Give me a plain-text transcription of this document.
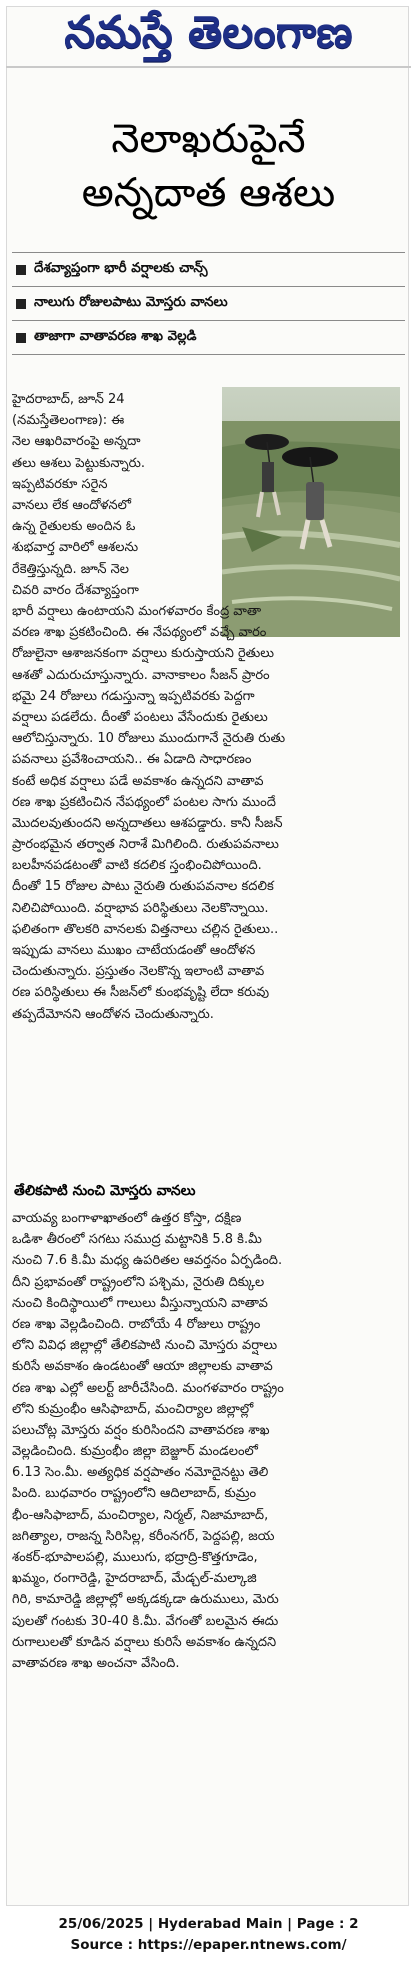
నమస్తే తెలంగాణ
నెలాఖరుపైనే
అన్నదాత ఆశలు
దేశవ్యాప్తంగా భారీ వర్షాలకు చాన్స్
నాలుగు రోజులపాటు మోస్తరు వానలు
తాజాగా వాతావరణ శాఖ వెల్లడి
హైదరాబాద్, జూన్ 24
(నమస్తేతెలంగాణ): ఈ
నెల ఆఖరివారంపై అన్నదా
తలు ఆశలు పెట్టుకున్నారు.
ఇప్పటివరకూ సరైన
వానలు లేక ఆందోళనలో
ఉన్న రైతులకు అందిన ఓ
శుభవార్త వారిలో ఆశలను
రేకెత్తిస్తున్నది. జూన్ నెల
చివరి వారం దేశవ్యాప్తంగా
భారీ వర్షాలు ఉంటాయని మంగళవారం కేంద్ర వాతా
వరణ శాఖ ప్రకటించింది. ఈ నేపథ్యంలో వచ్చే వారం
రోజులైనా ఆశాజనకంగా వర్షాలు కురుస్తాయని రైతులు
ఆశతో ఎదురుచూస్తున్నారు. వానాకాలం సీజన్ ప్రారం
భమై 24 రోజులు గడుస్తున్నా ఇప్పటివరకు పెద్దగా
వర్షాలు పడలేదు. దీంతో పంటలు వేసేందుకు రైతులు
ఆలోచిస్తున్నారు. 10 రోజులు ముందుగానే నైరుతి రుతు
పవనాలు ప్రవేశించాయని.. ఈ ఏడాది సాధారణం
కంటే అధిక వర్షాలు పడే అవకాశం ఉన్నదని వాతావ
రణ శాఖ ప్రకటించిన నేపథ్యంలో పంటల సాగు ముందే
మొదలవుతుందని అన్నదాతలు ఆశపడ్డారు. కానీ సీజన్
ప్రారంభమైన తర్వాత నిరాశే మిగిలింది. రుతుపవనాలు
బలహీనపడటంతో వాటి కదలిక స్తంభించిపోయింది.
దీంతో 15 రోజుల పాటు నైరుతి రుతుపవనాల కదలిక
నిలిచిపోయింది. వర్షాభావ పరిస్థితులు నెలకొన్నాయి.
ఫలితంగా తొలకరి వానలకు విత్తనాలు చల్లిన రైతులు..
ఇప్పుడు వానలు ముఖం చాటేయడంతో ఆందోళన
చెందుతున్నారు. ప్రస్తుతం నెలకొన్న ఇలాంటి వాతావ
రణ పరిస్థితులు ఈ సీజన్‌లో కుంభవృష్టి లేదా కరువు
తప్పదేమోనని ఆందోళన చెందుతున్నారు.
తేలికపాటి నుంచి మోస్తరు వానలు
వాయవ్య బంగాళాఖాతంలో ఉత్తర కోస్తా, దక్షిణ
ఒడిశా తీరంలో సగటు సముద్ర మట్టానికి 5.8 కి.మీ
నుంచి 7.6 కి.మీ మధ్య ఉపరితల ఆవర్తనం ఏర్పడింది.
దీని ప్రభావంతో రాష్ట్రంలోని పశ్చిమ, నైరుతి దిక్కుల
నుంచి కిందిస్థాయిలో గాలులు వీస్తున్నాయని వాతావ
రణ శాఖ వెల్లడించింది. రాబోయే 4 రోజులు రాష్ట్రం
లోని వివిధ జిల్లాల్లో తేలికపాటి నుంచి మోస్తరు వర్షాలు
కురిసే అవకాశం ఉండటంతో ఆయా జిల్లాలకు వాతావ
రణ శాఖ ఎల్లో అలర్ట్ జారీచేసింది. మంగళవారం రాష్ట్రం
లోని కుమ్రంభీం ఆసిఫాబాద్, మంచిర్యాల జిల్లాల్లో
పలుచోట్ల మోస్తరు వర్షం కురిసిందని వాతావరణ శాఖ
వెల్లడించింది. కుమ్రంభీం జిల్లా బెజ్జూర్ మండలంలో
6.13 సెం.మీ. అత్యధిక వర్షపాతం నమోదైనట్టు తెలి
పింది. బుధవారం రాష్ట్రంలోని ఆదిలాబాద్, కుమ్రం
భీం-ఆసిఫాబాద్, మంచిర్యాల, నిర్మల్, నిజామాబాద్,
జగిత్యాల, రాజన్న సిరిసిల్ల, కరీంనగర్, పెద్దపల్లి, జయ
శంకర్-భూపాలపల్లి, ములుగు, భద్రాద్రి-కొత్తగూడెం,
ఖమ్మం, రంగారెడ్డి, హైదరాబాద్, మేడ్చల్-మల్కాజి
గిరి, కామారెడ్డి జిల్లాల్లో అక్కడక్కడా ఉరుములు, మెరు
పులతో గంటకు 30-40 కి.మీ. వేగంతో బలమైన ఈదు
రుగాలులతో కూడిన వర్షాలు కురిసే అవకాశం ఉన్నదని
వాతావరణ శాఖ అంచనా వేసింది.
25/06/2025 | Hyderabad Main | Page : 2
Source : https://epaper.ntnews.com/
